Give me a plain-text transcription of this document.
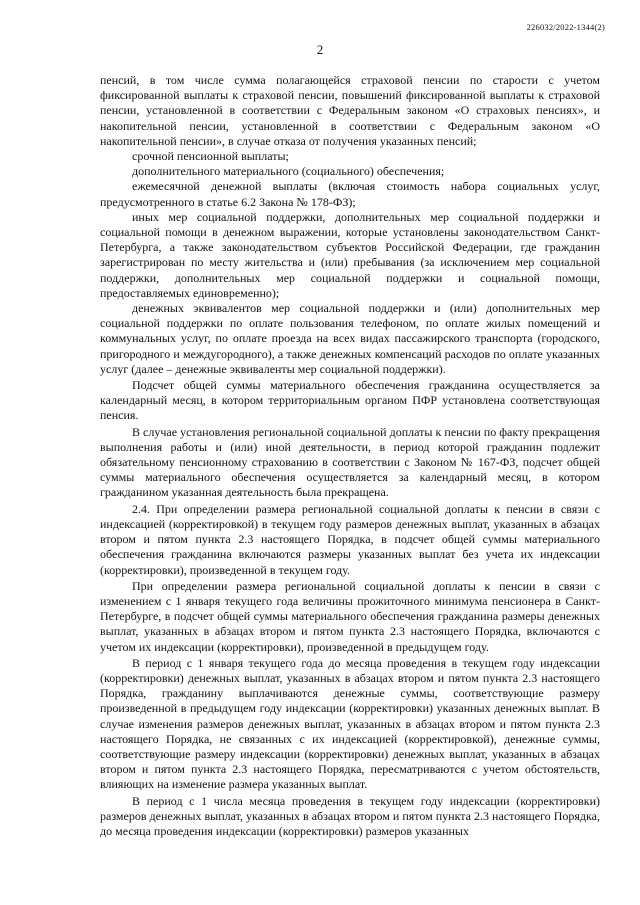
226032/2022-1344(2)
2

пенсий, в том числе сумма полагающейся страховой пенсии по старости с учетом фиксированной выплаты к страховой пенсии, повышений фиксированной выплаты к страховой пенсии, установленной в соответствии с Федеральным законом «О страховых пенсиях», и накопительной пенсии, установленной в соответствии с Федеральным законом «О накопительной пенсии», в случае отказа от получения указанных пенсий;

срочной пенсионной выплаты;

дополнительного материального (социального) обеспечения;

ежемесячной денежной выплаты (включая стоимость набора социальных услуг, предусмотренного в статье 6.2 Закона № 178-ФЗ);

иных мер социальной поддержки, дополнительных мер социальной поддержки и социальной помощи в денежном выражении, которые установлены законодательством Санкт-Петербурга, а также законодательством субъектов Российской Федерации, где гражданин зарегистрирован по месту жительства и (или) пребывания (за исключением мер социальной поддержки, дополнительных мер социальной поддержки и социальной помощи, предоставляемых единовременно);

денежных эквивалентов мер социальной поддержки и (или) дополнительных мер социальной поддержки по оплате пользования телефоном, по оплате жилых помещений и коммунальных услуг, по оплате проезда на всех видах пассажирского транспорта (городского, пригородного и междугородного), а также денежных компенсаций расходов по оплате указанных услуг (далее – денежные эквиваленты мер социальной поддержки).

Подсчет общей суммы материального обеспечения гражданина осуществляется за календарный месяц, в котором территориальным органом ПФР установлена соответствующая пенсия.

В случае установления региональной социальной доплаты к пенсии по факту прекращения выполнения работы и (или) иной деятельности, в период которой гражданин подлежит обязательному пенсионному страхованию в соответствии с Законом № 167-ФЗ, подсчет общей суммы материального обеспечения осуществляется за календарный месяц, в котором гражданином указанная деятельность была прекращена.

2.4. При определении размера региональной социальной доплаты к пенсии в связи с индексацией (корректировкой) в текущем году размеров денежных выплат, указанных в абзацах втором и пятом пункта 2.3 настоящего Порядка, в подсчет общей суммы материального обеспечения гражданина включаются размеры указанных выплат без учета их индексации (корректировки), произведенной в текущем году.

При определении размера региональной социальной доплаты к пенсии в связи с изменением с 1 января текущего года величины прожиточного минимума пенсионера в Санкт-Петербурге, в подсчет общей суммы материального обеспечения гражданина размеры денежных выплат, указанных в абзацах втором и пятом пункта 2.3 настоящего Порядка, включаются с учетом их индексации (корректировки), произведенной в предыдущем году.

В период с 1 января текущего года до месяца проведения в текущем году индексации (корректировки) денежных выплат, указанных в абзацах втором и пятом пункта 2.3 настоящего Порядка, гражданину выплачиваются денежные суммы, соответствующие размеру произведенной в предыдущем году индексации (корректировки) указанных денежных выплат. В случае изменения размеров денежных выплат, указанных в абзацах втором и пятом пункта 2.3 настоящего Порядка, не связанных с их индексацией (корректировкой), денежные суммы, соответствующие размеру индексации (корректировки) денежных выплат, указанных в абзацах втором и пятом пункта 2.3 настоящего Порядка, пересматриваются с учетом обстоятельств, влияющих на изменение размера указанных выплат.

В период с 1 числа месяца проведения в текущем году индексации (корректировки) размеров денежных выплат, указанных в абзацах втором и пятом пункта 2.3 настоящего Порядка, до месяца проведения индексации (корректировки) размеров указанных
